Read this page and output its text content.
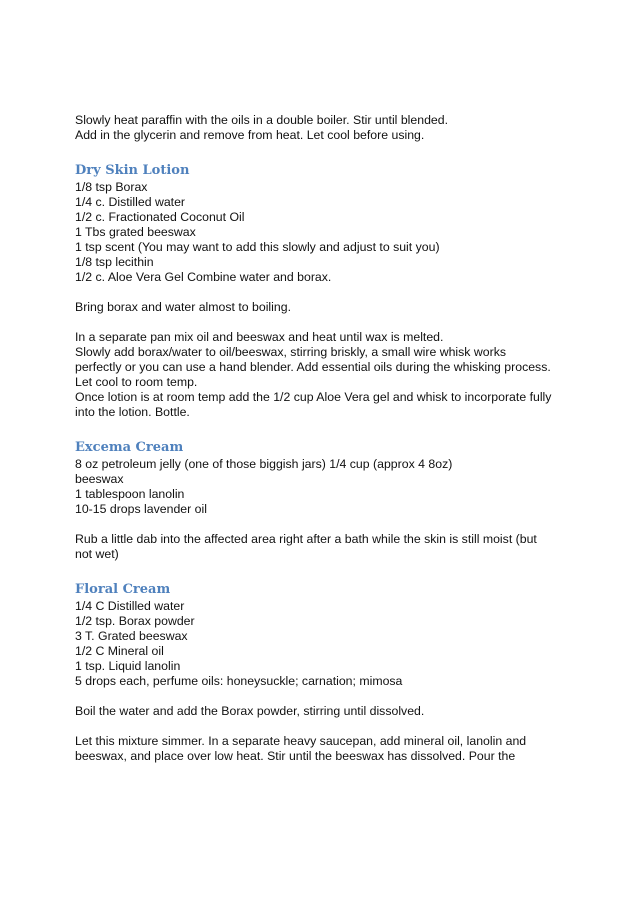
Slowly heat paraffin with the oils in a double boiler. Stir until blended.
Add in the glycerin and remove from heat. Let cool before using.
Dry Skin Lotion
1/8 tsp Borax
1/4 c. Distilled water
1/2 c. Fractionated Coconut Oil
1 Tbs grated beeswax
1 tsp scent (You may want to add this slowly and adjust to suit you)
1/8 tsp lecithin
1/2 c. Aloe Vera Gel Combine water and borax.
Bring borax and water almost to boiling.
In a separate pan mix oil and beeswax and heat until wax is melted.
Slowly add borax/water to oil/beeswax, stirring briskly, a small wire whisk works
perfectly or you can use a hand blender. Add essential oils during the whisking process.
Let cool to room temp.
Once lotion is at room temp add the 1/2 cup Aloe Vera gel and whisk to incorporate fully
into the lotion. Bottle.
Excema Cream
8 oz petroleum jelly (one of those biggish jars) 1/4 cup (approx 4 8oz)
beeswax
1 tablespoon lanolin
10-15 drops lavender oil
Rub a little dab into the affected area right after a bath while the skin is still moist (but
not wet)
Floral Cream
1/4 C Distilled water
1/2 tsp. Borax powder
3 T. Grated beeswax
1/2 C Mineral oil
1 tsp. Liquid lanolin
5 drops each, perfume oils: honeysuckle; carnation; mimosa
Boil the water and add the Borax powder, stirring until dissolved.
Let this mixture simmer. In a separate heavy saucepan, add mineral oil, lanolin and
beeswax, and place over low heat. Stir until the beeswax has dissolved. Pour the
